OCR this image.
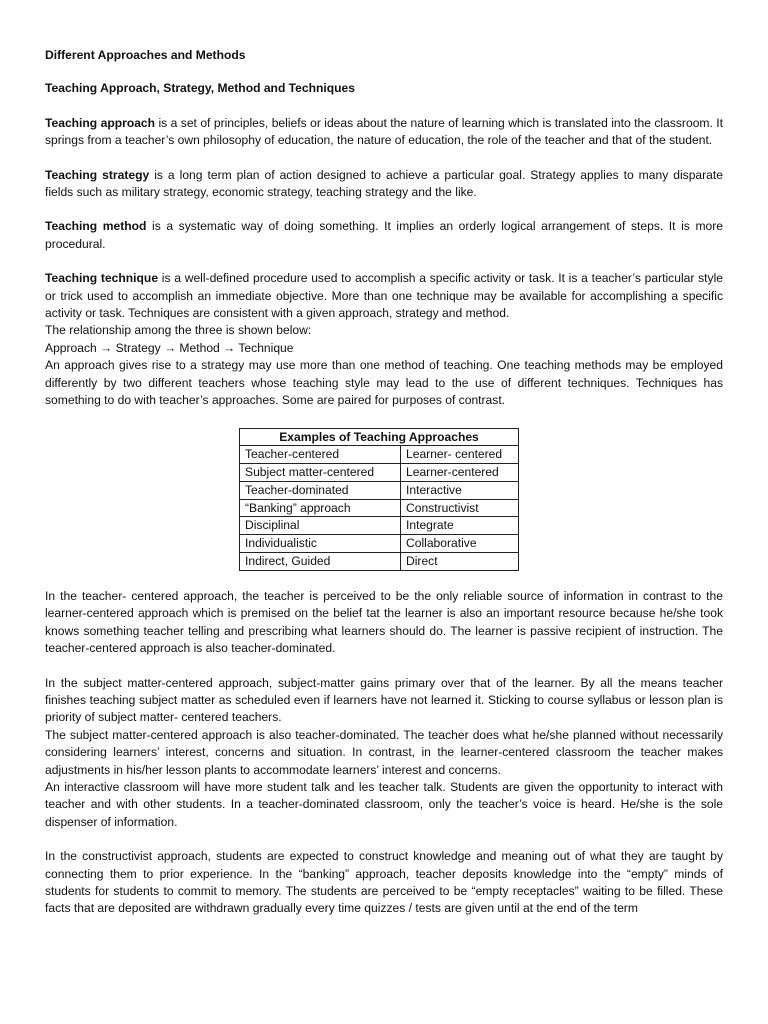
Different Approaches and Methods

Teaching Approach, Strategy, Method and Techniques

Teaching approach is a set of principles, beliefs or ideas about the nature of learning which is translated into the classroom. It springs from a teacher’s own philosophy of education, the nature of education, the role of the teacher and that of the student.

Teaching strategy is a long term plan of action designed to achieve a particular goal. Strategy applies to many disparate fields such as military strategy, economic strategy, teaching strategy and the like.

Teaching method is a systematic way of doing something. It implies an orderly logical arrangement of steps. It is more procedural.

Teaching technique is a well-defined procedure used to accomplish a specific activity or task. It is a teacher’s particular style or trick used to accomplish an immediate objective. More than one technique may be available for accomplishing a specific activity or task. Techniques are consistent with a given approach, strategy and method.

The relationship among the three is shown below:

Approach → Strategy → Method → Technique

An approach gives rise to a strategy may use more than one method of teaching. One teaching methods may be employed differently by two different teachers whose teaching style may lead to the use of different techniques. Techniques has something to do with teacher’s approaches. Some are paired for purposes of contrast.

Examples of Teaching Approaches	
Teacher-centered	Learner- centered
Subject matter-centered	Learner-centered
Teacher-dominated	Interactive
“Banking” approach	Constructivist
Disciplinal	Integrate
Individualistic	Collaborative
Indirect, Guided	Direct

In the teacher- centered approach, the teacher is perceived to be the only reliable source of information in contrast to the learner-centered approach which is premised on the belief tat the learner is also an important resource because he/she took knows something teacher telling and prescribing what learners should do. The learner is passive recipient of instruction. The teacher-centered approach is also teacher-dominated.

In the subject matter-centered approach, subject-matter gains primary over that of the learner. By all the means teacher finishes teaching subject matter as scheduled even if learners have not learned it. Sticking to course syllabus or lesson plan is priority of subject matter- centered teachers.

The subject matter-centered approach is also teacher-dominated. The teacher does what he/she planned without necessarily considering learners’ interest, concerns and situation. In contrast, in the learner-centered classroom the teacher makes adjustments in his/her lesson plants to accommodate learners’ interest and concerns.

An interactive classroom will have more student talk and les teacher talk. Students are given the opportunity to interact with teacher and with other students. In a teacher-dominated classroom, only the teacher’s voice is heard. He/she is the sole dispenser of information.

In the constructivist approach, students are expected to construct knowledge and meaning out of what they are taught by connecting them to prior experience. In the “banking” approach, teacher deposits knowledge into the “empty” minds of students for students to commit to memory. The students are perceived to be “empty receptacles” waiting to be filled. These facts that are deposited are withdrawn gradually every time quizzes / tests are given until at the end of the term
